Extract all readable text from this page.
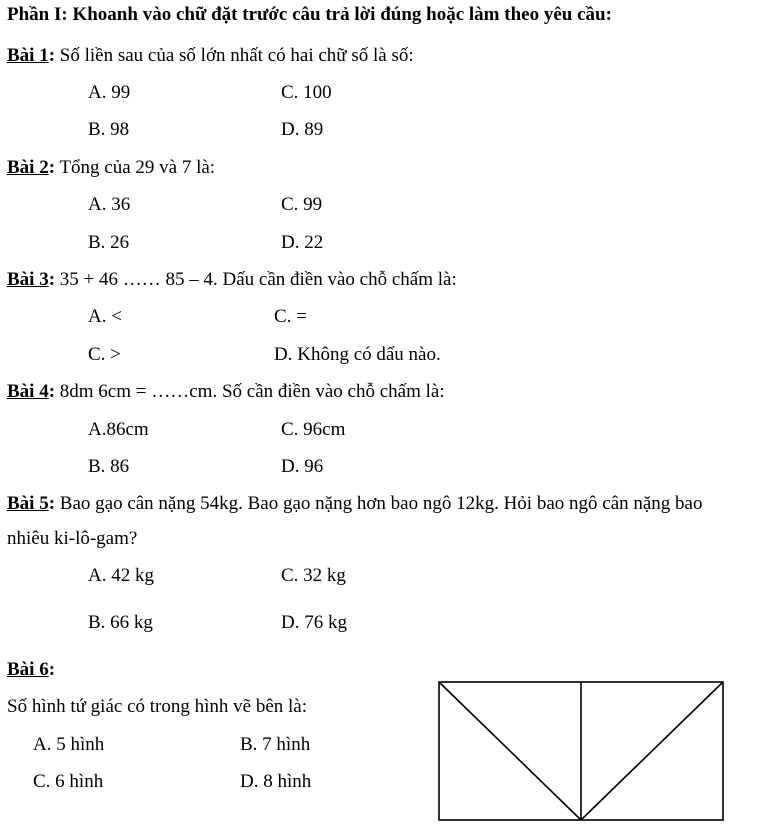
Phần I: Khoanh vào chữ đặt trước câu trả lời đúng hoặc làm theo yêu cầu:
Bài 1: Số liền sau của số lớn nhất có hai chữ số là số:
A. 99	C. 100
B. 98	D. 89
Bài 2: Tổng của 29 và 7 là:
A. 36	C. 99
B. 26	D. 22
Bài 3: 35 + 46 …… 85 – 4. Dấu cần điền vào chỗ chấm là:
A. <	C. =
C. >	D. Không có dấu nào.
Bài 4: 8dm 6cm = ……cm. Số cần điền vào chỗ chấm là:
A.86cm	C. 96cm
B. 86	D. 96
Bài 5: Bao gạo cân nặng 54kg. Bao gạo nặng hơn bao ngô 12kg. Hỏi bao ngô cân nặng bao
nhiêu ki-lô-gam?
A. 42 kg	C. 32 kg
B. 66 kg	D. 76 kg
Bài 6:
Số hình tứ giác có trong hình vẽ bên là:
A. 5 hình	B. 7 hình
C. 6 hình	D. 8 hình
